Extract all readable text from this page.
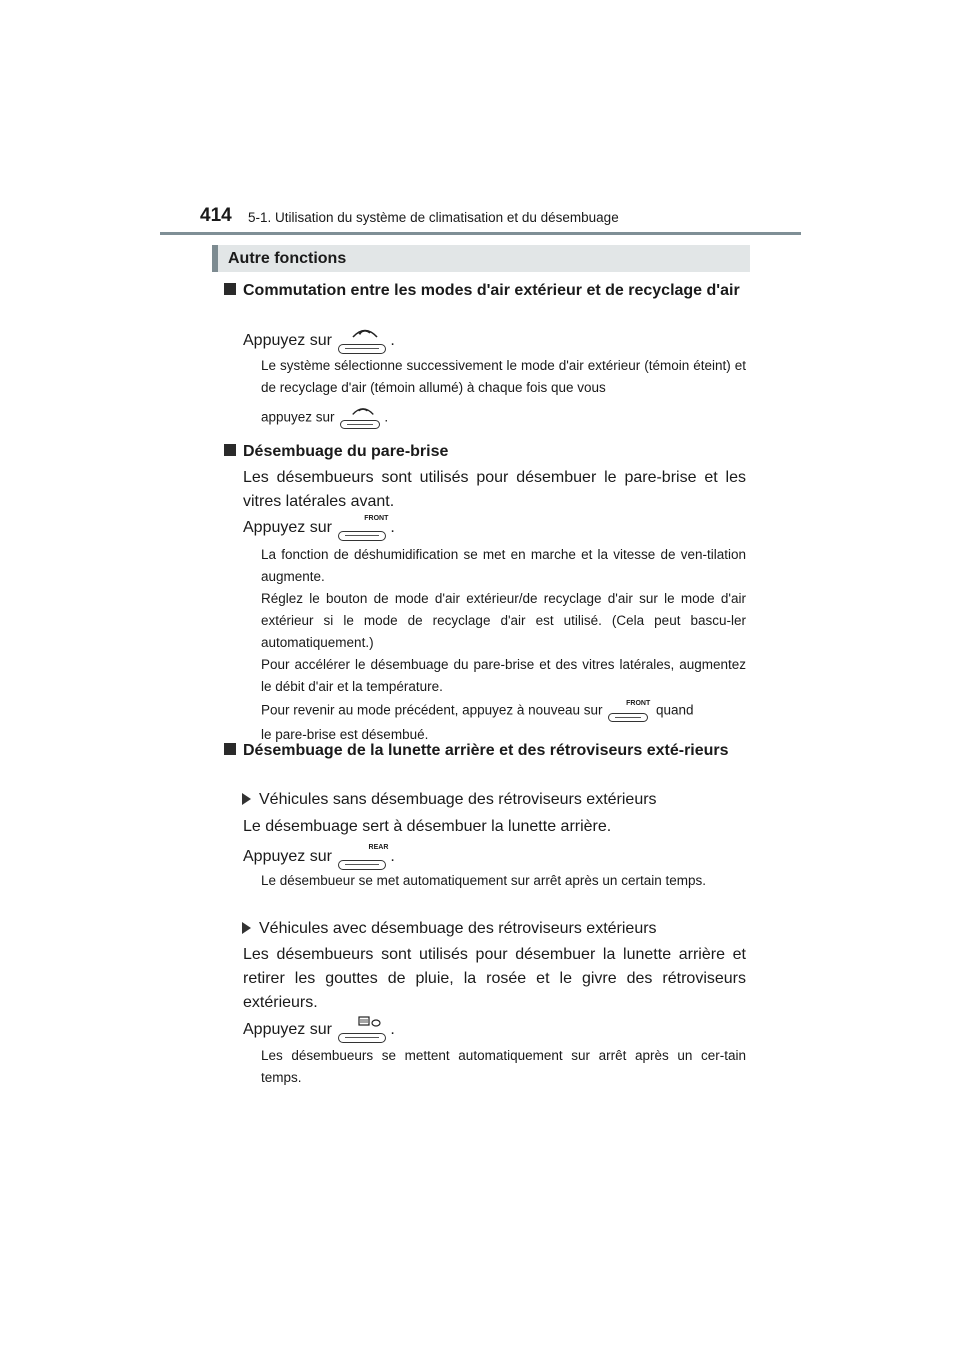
414 5-1. Utilisation du système de climatisation et du désembuage
Autre fonctions
Commutation entre les modes d'air extérieur et de recyclage d'air
Appuyez sur	.
Le système sélectionne successivement le mode d'air extérieur (témoin éteint) et de recyclage d'air (témoin allumé) à chaque fois que vous
appuyez sur	.
Désembuage du pare-brise
Les désembueurs sont utilisés pour désembuer le pare-brise et les vitres latérales avant.
Appuyez sur
FRONT
.
La fonction de déshumidification se met en marche et la vitesse de ven-tilation augmente.
Réglez le bouton de mode d'air extérieur/de recyclage d'air sur le mode d'air extérieur si le mode de recyclage d'air est utilisé. (Cela peut bascu-ler automatiquement.)
Pour accélérer le désembuage du pare-brise et des vitres latérales, augmentez le débit d'air et la température.
Pour revenir au mode précédent, appuyez à nouveau sur	FRONT quand
le pare-brise est désembué.
Désembuage de la lunette arrière et des rétroviseurs exté-rieurs
Véhicules sans désembuage des rétroviseurs extérieurs
Le désembuage sert à désembuer la lunette arrière.
Appuyez sur
REAR
.
Le désembueur se met automatiquement sur arrêt après un certain temps.
Véhicules avec désembuage des rétroviseurs extérieurs
Les désembueurs sont utilisés pour désembuer la lunette arrière et retirer les gouttes de pluie, la rosée et le givre des rétroviseurs extérieurs.
Appuyez sur	.
Les désembueurs se mettent automatiquement sur arrêt après un cer-tain temps.
